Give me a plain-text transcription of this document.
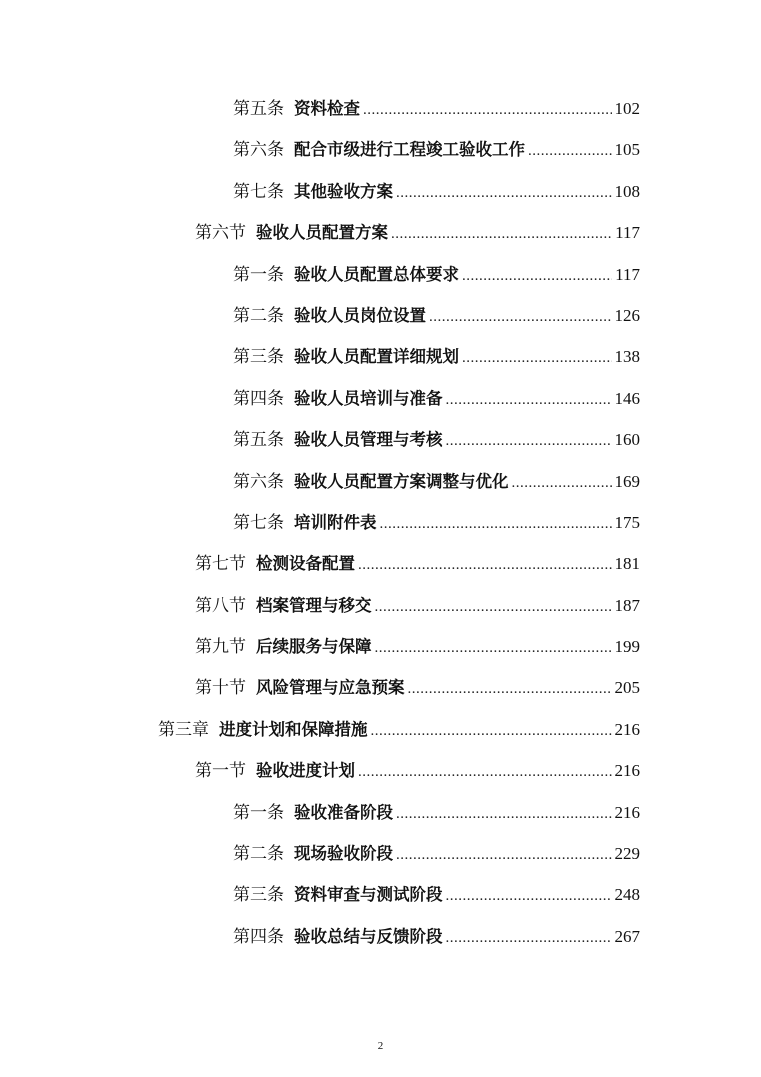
第五条 资料检查 .....	102
第六条 配合市级进行工程竣工验收工作 .....	105
第七条 其他验收方案 .....	108
第六节 验收人员配置方案 .....	117
第一条 验收人员配置总体要求 .....	117
第二条 验收人员岗位设置 .....	126
第三条 验收人员配置详细规划 .....	138
第四条 验收人员培训与准备 .....	146
第五条 验收人员管理与考核 .....	160
第六条 验收人员配置方案调整与优化 .....	169
第七条 培训附件表 .....	175
第七节 检测设备配置 .....	181
第八节 档案管理与移交 .....	187
第九节 后续服务与保障 .....	199
第十节 风险管理与应急预案 .....	205
第三章 进度计划和保障措施 .....	216
第一节 验收进度计划 .....	216
第一条 验收准备阶段 .....	216
第二条 现场验收阶段 .....	229
第三条 资料审查与测试阶段 .....	248
第四条 验收总结与反馈阶段 .....	267
2
